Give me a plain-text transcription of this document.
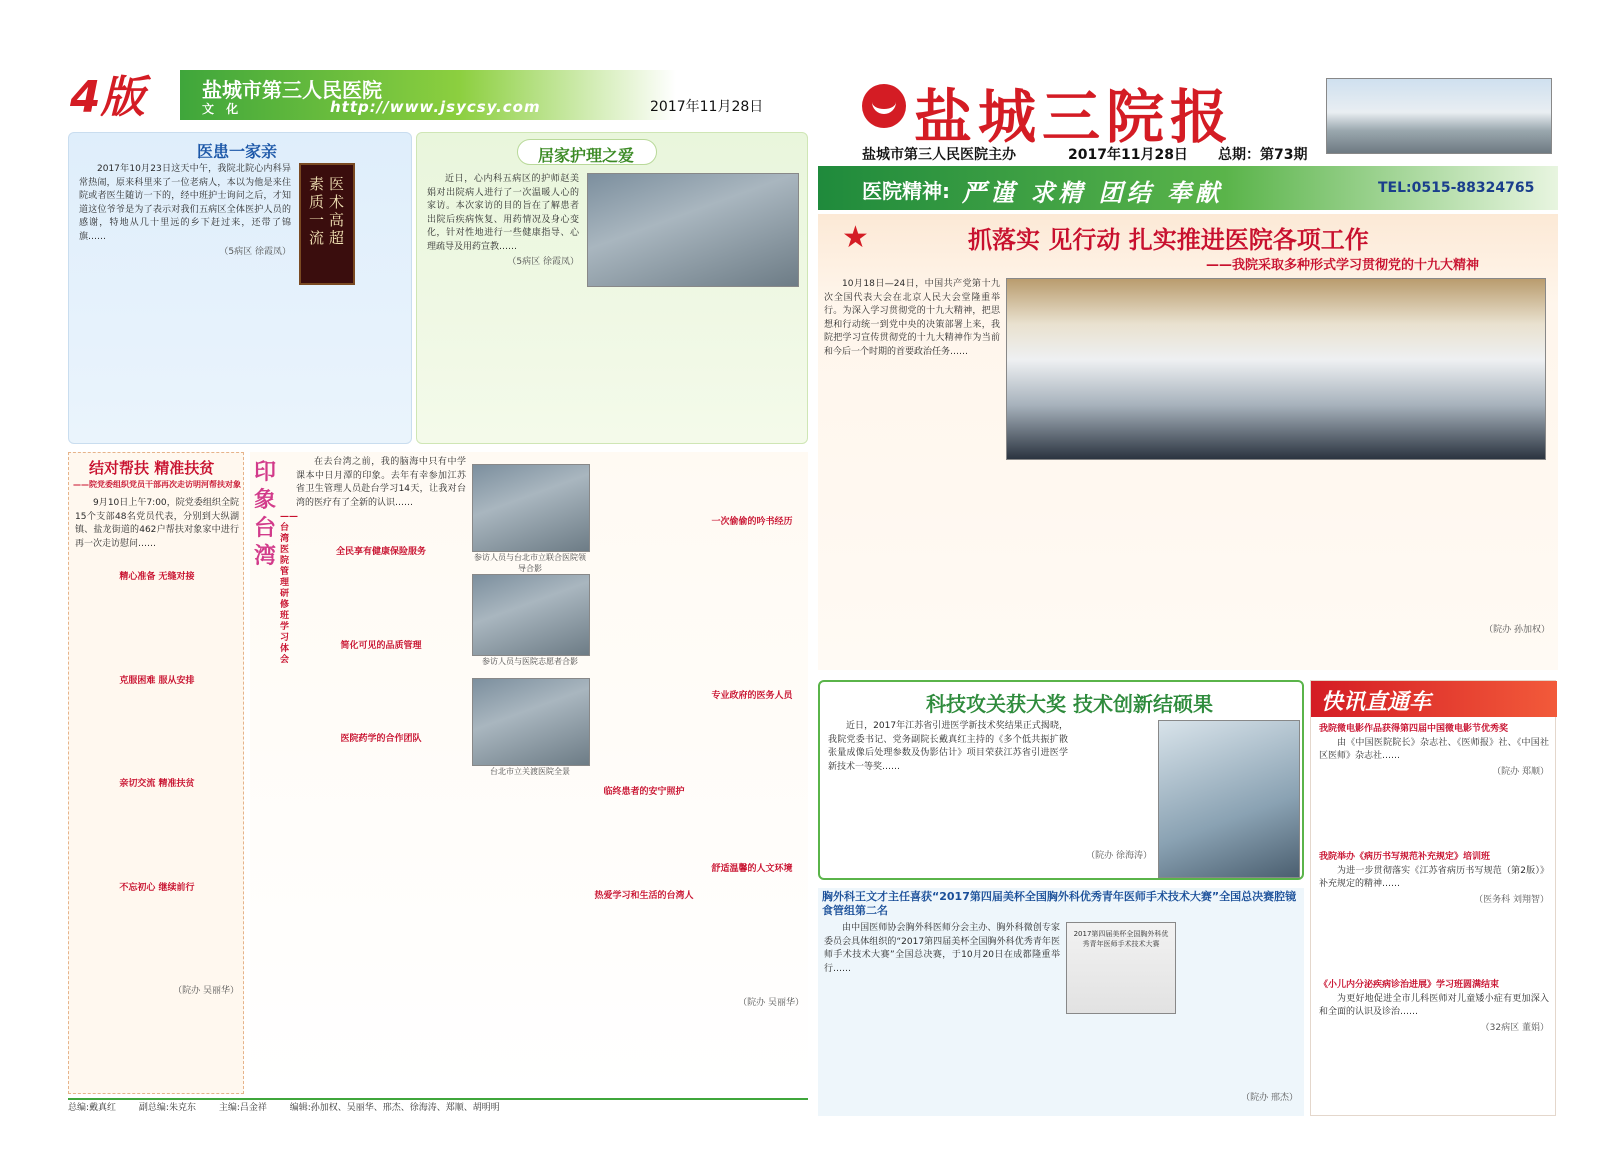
4版	盐城市第三人民医院
文 化	http://www.jsycsy.com	2017年11月28日
医患一家亲
医术高超
素质一流

2017年10月23日这天中午，我院北院心内科异常热闹，原来科里来了一位老病人，本以为他是来住院或者医生随访一下的，经中班护士询问之后，才知道这位爷爷是为了表示对我们五病区全体医护人员的感谢，特地从几十里远的乡下赶过来，还带了锦旗……

（5病区 徐霞凤）
居家护理之爱

近日，心内科五病区的护师赵美娟对出院病人进行了一次温暖人心的家访。本次家访的目的旨在了解患者出院后疾病恢复、用药情况及身心变化，针对性地进行一些健康指导、心理疏导及用药宣教……

（5病区 徐霞凤）
结对帮扶 精准扶贫
——院党委组织党员干部再次走访明河帮扶对象

9月10日上午7:00，院党委组织全院15个支部48名党员代表，分别到大纵湖镇、盐龙街道的462户帮扶对象家中进行再一次走访慰问……

精心准备 无缝对接
克服困难 服从安排
亲切交流 精准扶贫
不忘初心 继续前行
（院办 吴丽华）
印象台湾
——台湾医院管理研修班学习体会

在去台湾之前，我的脑海中只有中学课本中日月潭的印象。去年有幸参加江苏省卫生管理人员赴台学习14天，让我对台湾的医疗有了全新的认识……

全民享有健康保险服务
简化可见的品质管理
医院药学的合作团队
参访人员与台北市立联合医院领导合影
参访人员与医院志愿者合影
台北市立关渡医院全景
临终患者的安宁照护
热爱学习和生活的台湾人
一次偷偷的吟书经历
专业政府的医务人员
舒适温馨的人文环境
（院办 吴丽华）
总编:戴真红	副总编:朱克东	主编:吕金祥	编辑:孙加权、吴丽华、邢杰、徐海涛、郑顺、胡明明
盐城三院报
盐城市第三人民医院主办	2017年11月28日 总期：第73期
医院精神: 严谨 求精 团结 奉献	TEL:0515-88324765
★	抓落实 见行动 扎实推进医院各项工作
——我院采取多种形式学习贯彻党的十九大精神

10月18日—24日，中国共产党第十九次全国代表大会在北京人民大会堂隆重举行。为深入学习贯彻党的十九大精神，把思想和行动统一到党中央的决策部署上来，我院把学习宣传贯彻党的十九大精神作为当前和今后一个时期的首要政治任务……

（院办 孙加权）
科技攻关获大奖 技术创新结硕果

近日，2017年江苏省引进医学新技术奖结果正式揭晓，我院党委书记、党务副院长戴真红主持的《多个低共振扩散张量成像后处理参数及伪影估计》项目荣获江苏省引进医学新技术一等奖……

（院办 徐海涛）
胸外科王文才主任喜获“2017第四届美杯全国胸外科优秀青年医师手术技术大赛”全国总决赛腔镜食管组第二名

由中国医师协会胸外科医师分会主办、胸外科微创专家委员会具体组织的“2017第四届美杯全国胸外科优秀青年医师手术技术大赛”全国总决赛，于10月20日在成都隆重举行……

2017第四届美杯全国胸外科优秀青年医师手术技术大赛
（院办 邢杰）
快讯直通车
我院微电影作品获得第四届中国微电影节优秀奖

由《中国医院院长》杂志社、《医师报》社、《中国社区医师》杂志社……

（院办 郑顺）
我院举办《病历书写规范补充规定》培训班

为进一步贯彻落实《江苏省病历书写规范（第2版）》补充规定的精神……

（医务科 刘翔智）
《小儿内分泌疾病诊治进展》学习班圆满结束

为更好地促进全市儿科医师对儿童矮小症有更加深入和全面的认识及诊治……

（32病区 董娟）
